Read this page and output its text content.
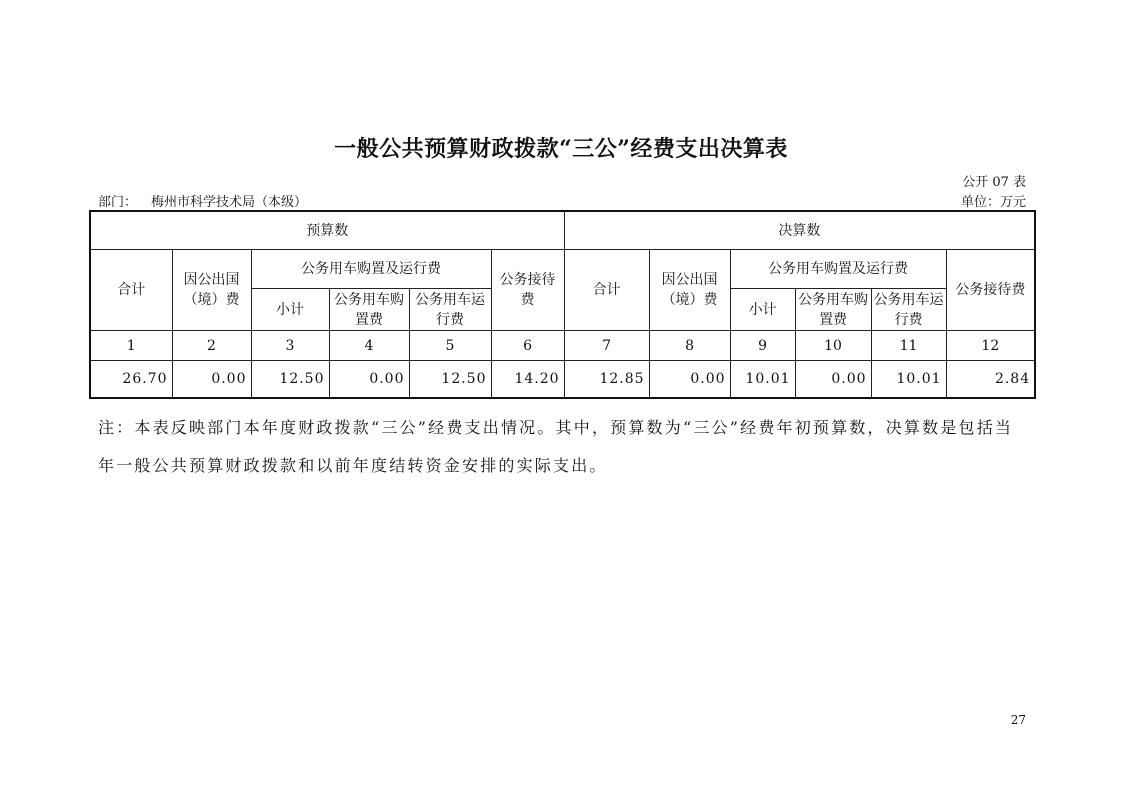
一般公共预算财政拨款“三公”经费支出决算表
公开 07 表
部门： 梅州市科学技术局（本级）	单位：万元
预算数						决算数					
合计	因公出国（境）费	公务用车购置及运行费			公务接待费	合计	因公出国（境）费	公务用车购置及运行费			公务接待费
		小计	公务用车购置费	公务用车运行费				小计	公务用车购置费	公务用车运行费	
1	2	3	4	5	6	7	8	9	10	11	12
26.70	0.00	12.50	0.00	12.50	14.20	12.85	0.00	10.01	0.00	10.01	2.84
注：本表反映部门本年度财政拨款“三公”经费支出情况。其中，预算数为“三公”经费年初预算数，决算数是包括当年一般公共预算财政拨款和以前年度结转资金安排的实际支出。
27
